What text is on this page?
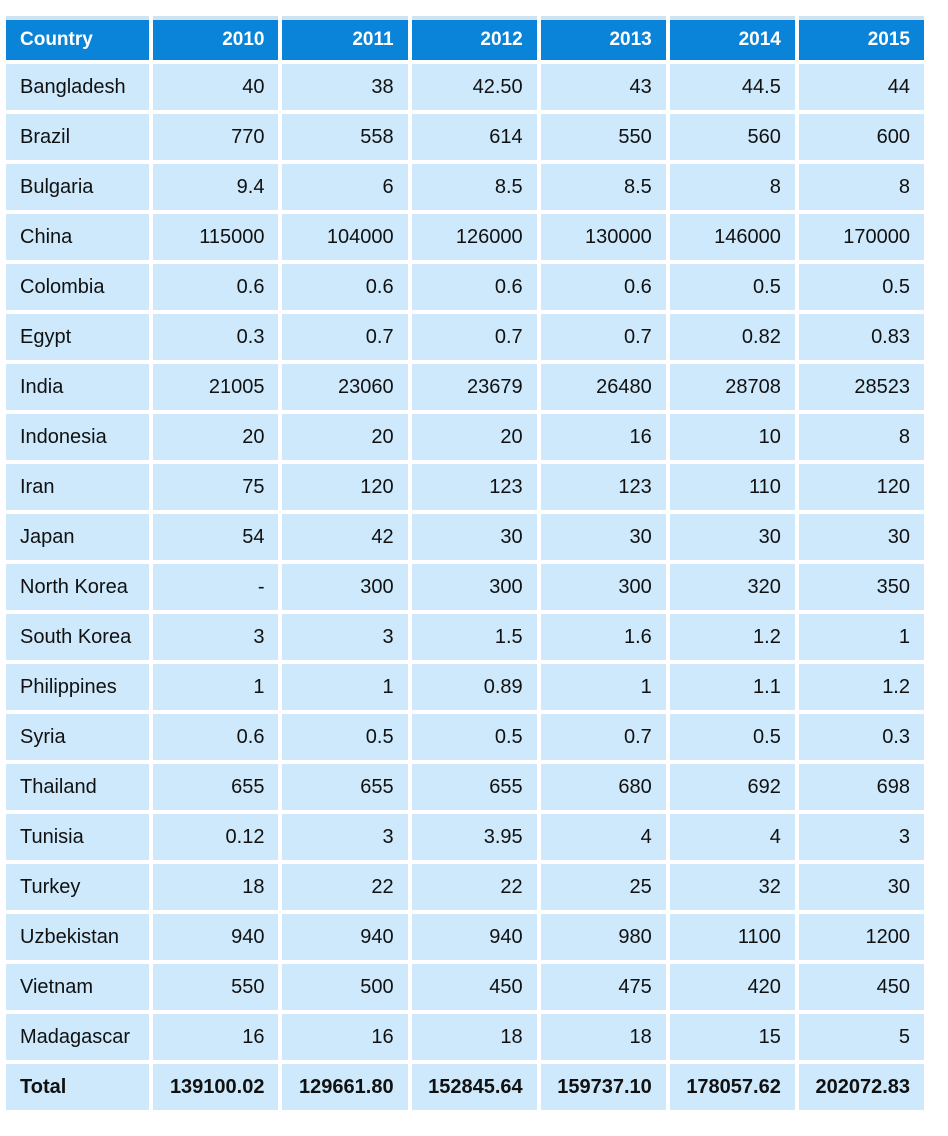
Country	2010	2011	2012	2013	2014	2015
Bangladesh	40	38	42.50	43	44.5	44
Brazil	770	558	614	550	560	600
Bulgaria	9.4	6	8.5	8.5	8	8
China	115000	104000	126000	130000	146000	170000
Colombia	0.6	0.6	0.6	0.6	0.5	0.5
Egypt	0.3	0.7	0.7	0.7	0.82	0.83
India	21005	23060	23679	26480	28708	28523
Indonesia	20	20	20	16	10	8
Iran	75	120	123	123	110	120
Japan	54	42	30	30	30	30
North Korea	-	300	300	300	320	350
South Korea	3	3	1.5	1.6	1.2	1
Philippines	1	1	0.89	1	1.1	1.2
Syria	0.6	0.5	0.5	0.7	0.5	0.3
Thailand	655	655	655	680	692	698
Tunisia	0.12	3	3.95	4	4	3
Turkey	18	22	22	25	32	30
Uzbekistan	940	940	940	980	1100	1200
Vietnam	550	500	450	475	420	450
Madagascar	16	16	18	18	15	5
Total	139100.02	129661.80	152845.64	159737.10	178057.62	202072.83
